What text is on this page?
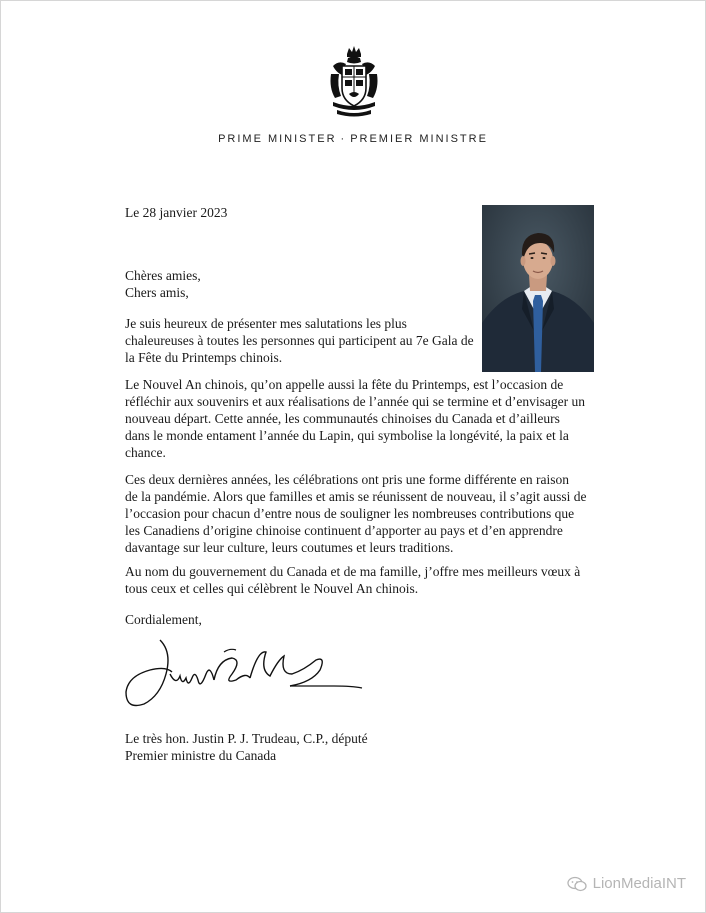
PRIME MINISTER · PREMIER MINISTRE
Le 28 janvier 2023
Chères amies,
Chers amis,
Je suis heureux de présenter mes salutations les plus
chaleureuses à toutes les personnes qui participent au 7e Gala de
la Fête du Printemps chinois.
Le Nouvel An chinois, qu’on appelle aussi la fête du Printemps, est l’occasion de
réfléchir aux souvenirs et aux réalisations de l’année qui se termine et d’envisager un
nouveau départ. Cette année, les communautés chinoises du Canada et d’ailleurs
dans le monde entament l’année du Lapin, qui symbolise la longévité, la paix et la
chance.
Ces deux dernières années, les célébrations ont pris une forme différente en raison
de la pandémie. Alors que familles et amis se réunissent de nouveau, il s’agit aussi de
l’occasion pour chacun d’entre nous de souligner les nombreuses contributions que
les Canadiens d’origine chinoise continuent d’apporter au pays et d’en apprendre
davantage sur leur culture, leurs coutumes et leurs traditions.
Au nom du gouvernement du Canada et de ma famille, j’offre mes meilleurs vœux à
tous ceux et celles qui célèbrent le Nouvel An chinois.
Cordialement,
Le très hon. Justin P. J. Trudeau, C.P., député
Premier ministre du Canada
LionMediaINT
